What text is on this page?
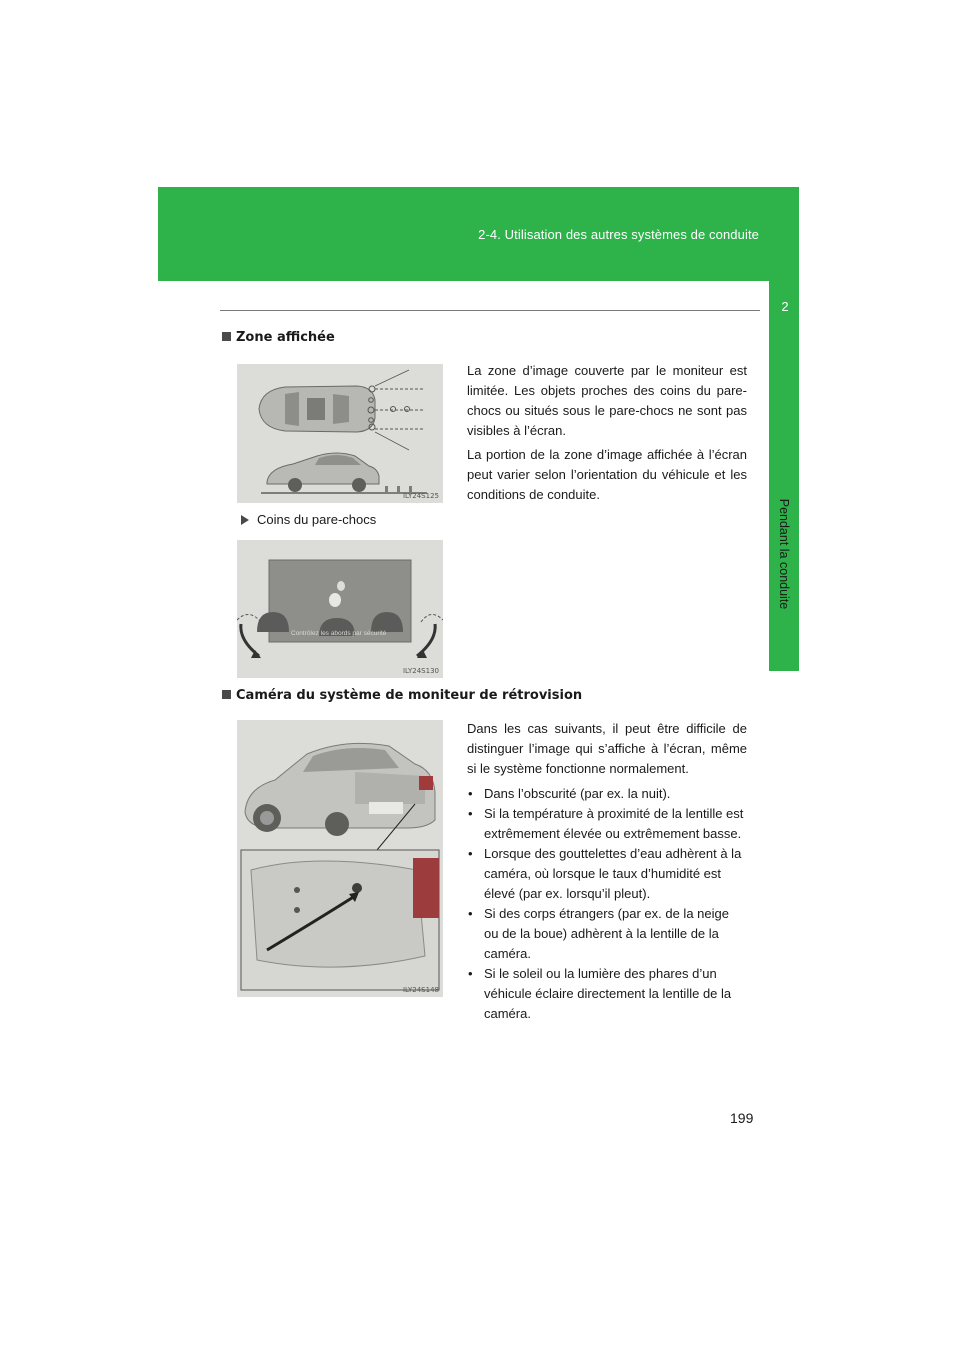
2-4. Utilisation des autres systèmes de conduite
2
Pendant la conduite
Zone affichée
La zone d’image couverte par le moniteur est limitée. Les objets proches des coins du pare-chocs ou situés sous le pare-chocs ne sont pas visibles à l’écran.
La portion de la zone d’image affichée à l’écran peut varier selon l’orientation du véhicule et les conditions de conduite.
ILY24S125
Coins du pare-chocs
Contrôlez les abords par sécurité
ILY24S130
Caméra du système de moniteur de rétrovision
Dans les cas suivants, il peut être difficile de distinguer l’image qui s’affiche à l’écran, même si le système fonctionne normalement.
• Dans l’obscurité (par ex. la nuit).
• Si la température à proximité de la lentille est extrêmement élevée ou extrêmement basse.
• Lorsque des gouttelettes d’eau adhèrent à la caméra, où lorsque le taux d’humidité est élevé (par ex. lorsqu’il pleut).
• Si des corps étrangers (par ex. de la neige ou de la boue) adhèrent à la lentille de la caméra.
• Si le soleil ou la lumière des phares d’un véhicule éclaire directement la lentille de la caméra.
ILY24S148
199
